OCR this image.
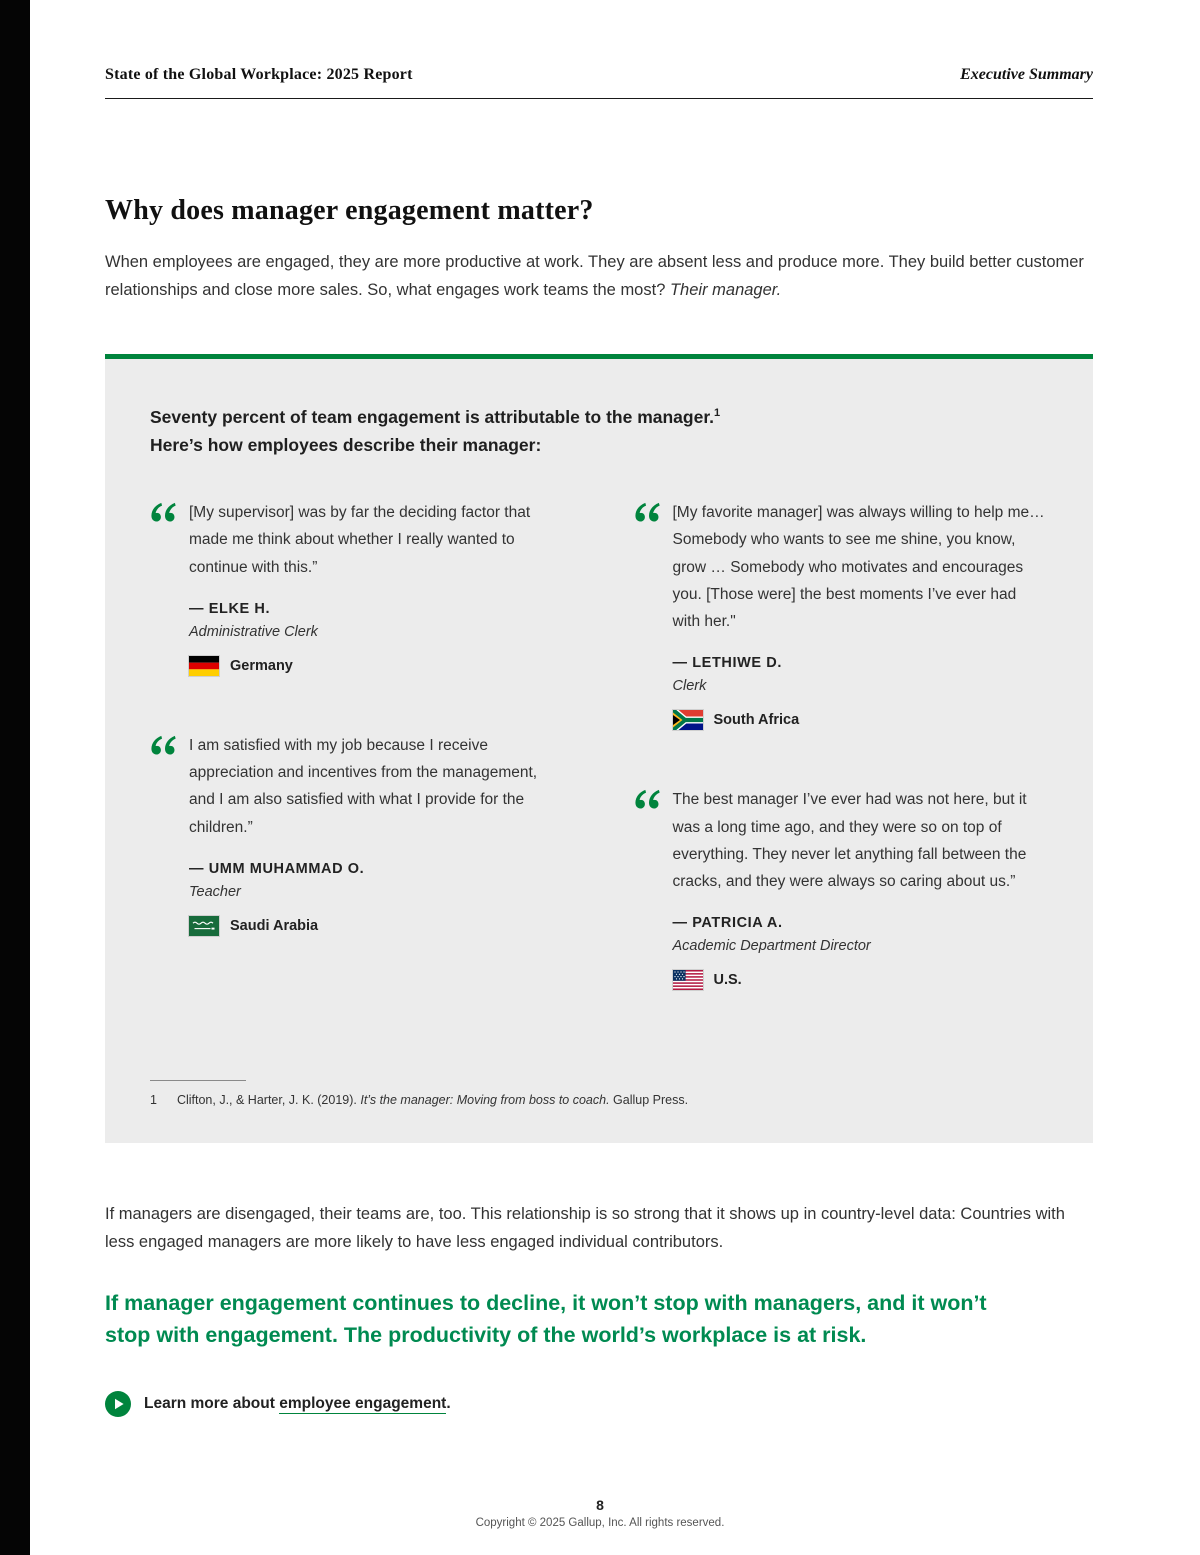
State of the Global Workplace: 2025 Report	Executive Summary
Why does manager engagement matter?

When employees are engaged, they are more productive at work. They are absent less and produce more. They build better customer relationships and close more sales. So, what engages work teams the most? Their manager.

Seventy percent of team engagement is attributable to the manager.$^1$
Here’s how employees describe their manager:

[My supervisor] was by far the deciding factor that made me think about whether I really wanted to continue with this.”

— ELKE H.
Administrative Clerk
Germany

I am satisfied with my job because I receive appreciation and incentives from the management, and I am also satisfied with what I provide for the children.”

— UMM MUHAMMAD O.
Teacher
Saudi Arabia

[My favorite manager] was always willing to help me… Somebody who wants to see me shine, you know, grow … Somebody who motivates and encourages you. [Those were] the best moments I’ve ever had with her."

— LETHIWE D.
Clerk
South Africa

The best manager I’ve ever had was not here, but it was a long time ago, and they were so on top of everything. They never let anything fall between the cracks, and they were always so caring about us.”

— PATRICIA A.
Academic Department Director
U.S.
1 Clifton, J., & Harter, J. K. (2019). It’s the manager: Moving from boss to coach. Gallup Press.

If managers are disengaged, their teams are, too. This relationship is so strong that it shows up in country-level data: Countries with less engaged managers are more likely to have less engaged individual contributors.

If manager engagement continues to decline, it won’t stop with managers, and it won’t stop with engagement. The productivity of the world’s workplace is at risk.
Learn more about employee engagement.
8
Copyright © 2025 Gallup, Inc. All rights reserved.
